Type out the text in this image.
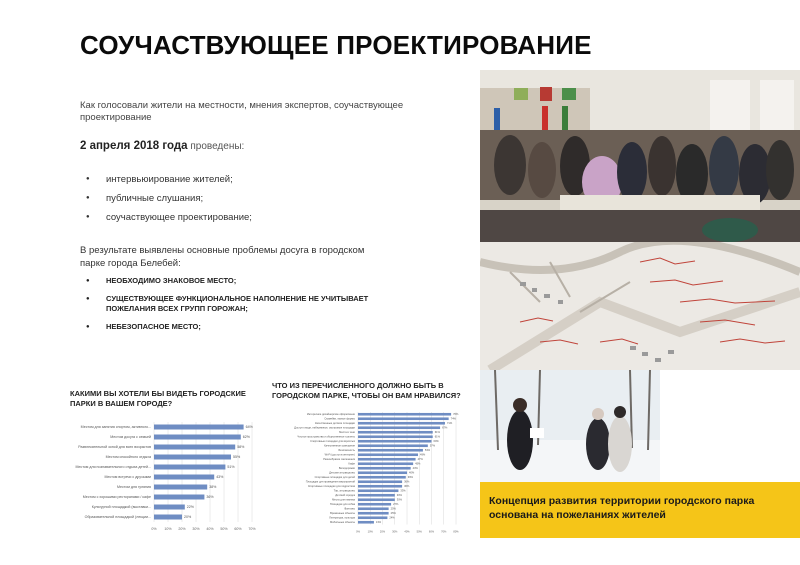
СОУЧАСТВУЮЩЕЕ ПРОЕКТИРОВАНИЕ
Как голосовали жители на местности, мнения экспертов, соучаствующее проектирование
2 апреля 2018 года проведены:
● интервьюирование жителей;
● публичные слушания;
● соучаствующее проектирование;
В результате выявлены основные проблемы досуга в городском парке города Белебей:
● НЕОБХОДИМО ЗНАКОВОЕ МЕСТО;
● СУЩЕСТВУЮЩЕЕ ФУНКЦИОНАЛЬНОЕ НАПОЛНЕНИЕ НЕ УЧИТЫВАЕТ ПОЖЕЛАНИЯ ВСЕХ ГРУПП ГОРОЖАН;
● НЕБЕЗОПАСНОЕ МЕСТО;
КАКИМИ ВЫ ХОТЕЛИ БЫ ВИДЕТЬ ГОРОДСКИЕ ПАРКИ В ВАШЕМ ГОРОДЕ?
ЧТО ИЗ ПЕРЕЧИСЛЕННОГО ДОЛЖНО БЫТЬ В ГОРОДСКОМ ПАРКЕ, ЧТОБЫ ОН ВАМ НРАВИЛСЯ?
0% 10% 20% 30% 40% 50% 60% 70%
Местом для занятия спортом, активного...	64%
Местом досуга с семьей	62%
Развлекательной зоной для всех возрастов	58%
Местом спокойного отдыха	55%
Местом для познавательного отдыха детей...	51%
Местом встречи с друзьями	43%
Местом для гуляния	38%
Местом с хорошими ресторанами / кафе	36%
Культурной площадкой (выставки...	22%
Образовательной площадкой (лекции...	20%
0%	10%	20%	30%	40%	50%	60%	70%	80%
Интересное дизайнерское оформление	76%
Скамейки, малые формы	74%
Качественные детские площадки	71%
Доступ к воде, набережные, смотровые площадки	67%
Места в тени	61%
Чистые пространства и общественные туалеты	61%
Спортивные площадки для взрослых	60%
Качественное освещение	57%
Безопасность	53%
Wi-Fi (доступ в интернет)	49%
Разнообразие озеленения	47%
Кафе	45%
Велодорожки	43%
Детские аттракционы	40%
Спортивные площадки для детей	39%
Площадки для проведения мероприятий	36%
Спортивные площадки для подростков	36%
Тир, аттракционы	33%
Детский городок	30%
Места для пикника	30%
Площадки для собак	27%
Фонтаны	25%
Временные объекты	25%
Литература, культура	24%
Мобильные объекты	13%
Концепция развития территории городского парка основана на пожеланиях жителей
